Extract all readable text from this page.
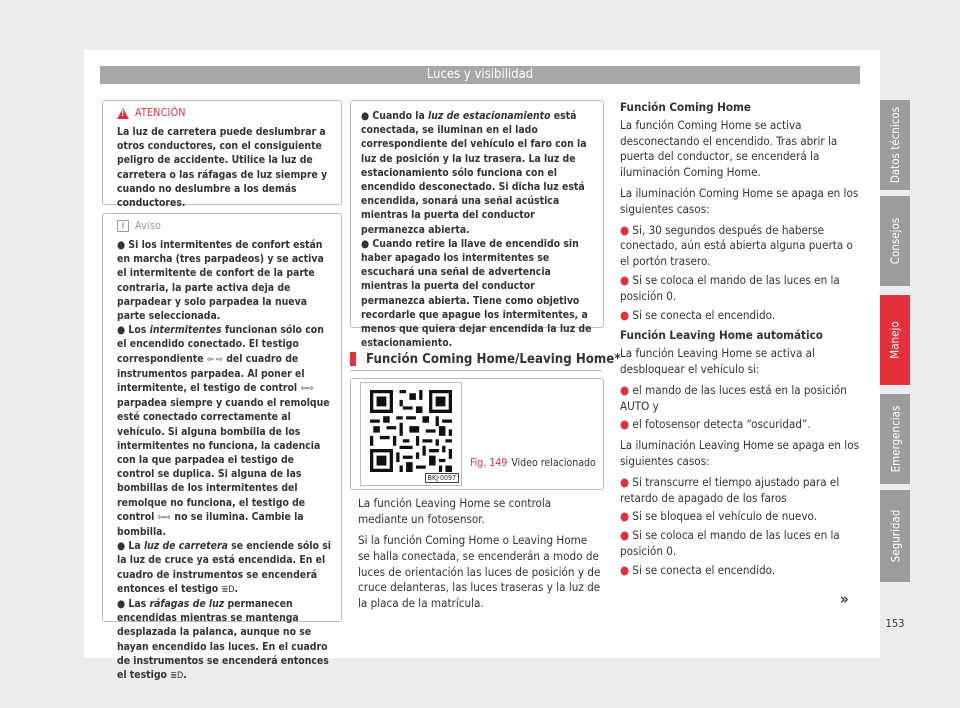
Luces y visibilidad
Datos técnicos
Consejos
Manejo
Emergencias
Seguridad
153
!
ATENCIÓN
La luz de carretera puede deslumbrar a otros conductores, con el consiguiente peligro de accidente. Utilice la luz de carretera o las ráfagas de luz siempre y cuando no deslumbre a los demás conductores.
i	Aviso
● Si los intermitentes de confort están en marcha (tres parpadeos) y se activa el intermitente de confort de la parte contraria, la parte activa deja de parpadear y solo parpadea la nueva parte seleccionada.
● Los intermitentes funcionan sólo con el encendido conectado. El testigo correspondiente ⇦ ⇨ del cuadro de instrumentos parpadea. Al poner el intermitente, el testigo de control ⇦⇨ parpadea siempre y cuando el remolque esté conectado correctamente al vehículo. Si alguna bombilla de los intermitentes no funciona, la cadencia con la que parpadea el testigo de control se duplica. Si alguna de las bombillas de los intermitentes del remolque no funciona, el testigo de control ⇦⇨ no se ilumina. Cambie la bombilla.
● La luz de carretera se enciende sólo si la luz de cruce ya está encendida. En el cuadro de instrumentos se encenderá entonces el testigo ≣D.
● Las ráfagas de luz permanecen encendidas mientras se mantenga desplazada la palanca, aunque no se hayan encendido las luces. En el cuadro de instrumentos se encenderá entonces el testigo ≣D.
● Cuando la luz de estacionamiento está conectada, se iluminan en el lado correspondiente del vehículo el faro con la luz de posición y la luz trasera. La luz de estacionamiento sólo funciona con el encendido desconectado. Si dicha luz está encendida, sonará una señal acústica mientras la puerta del conductor permanezca abierta.
● Cuando retire la llave de encendido sin haber apagado los intermitentes se escuchará una señal de advertencia mientras la puerta del conductor permanezca abierta. Tiene como objetivo recordarle que apague los intermitentes, a menos que quiera dejar encendida la luz de estacionamiento.
Función Coming Home/Leaving Home*
BKJ-0097
Fig. 149 Video relacionado
La función Leaving Home se controla mediante un fotosensor.
Si la función Coming Home o Leaving Home se halla conectada, se encenderán a modo de luces de orientación las luces de posición y de cruce delanteras, las luces traseras y la luz de la placa de la matrícula.
Función Coming Home

La función Coming Home se activa desconectando el encendido. Tras abrir la puerta del conductor, se encenderá la iluminación Coming Home.

La iluminación Coming Home se apaga en los siguientes casos:

● Si, 30 segundos después de haberse conectado, aún está abierta alguna puerta o el portón trasero.
● Si se coloca el mando de las luces en la posición 0.
● Si se conecta el encendido.
Función Leaving Home automático

La función Leaving Home se activa al desbloquear el vehículo si:

● el mando de las luces está en la posición AUTO y
● el fotosensor detecta “oscuridad”.

La iluminación Leaving Home se apaga en los siguientes casos:

● Si transcurre el tiempo ajustado para el retardo de apagado de los faros
● Si se bloquea el vehículo de nuevo.
● Si se coloca el mando de las luces en la posición 0.
● Si se conecta el encendido.
»
